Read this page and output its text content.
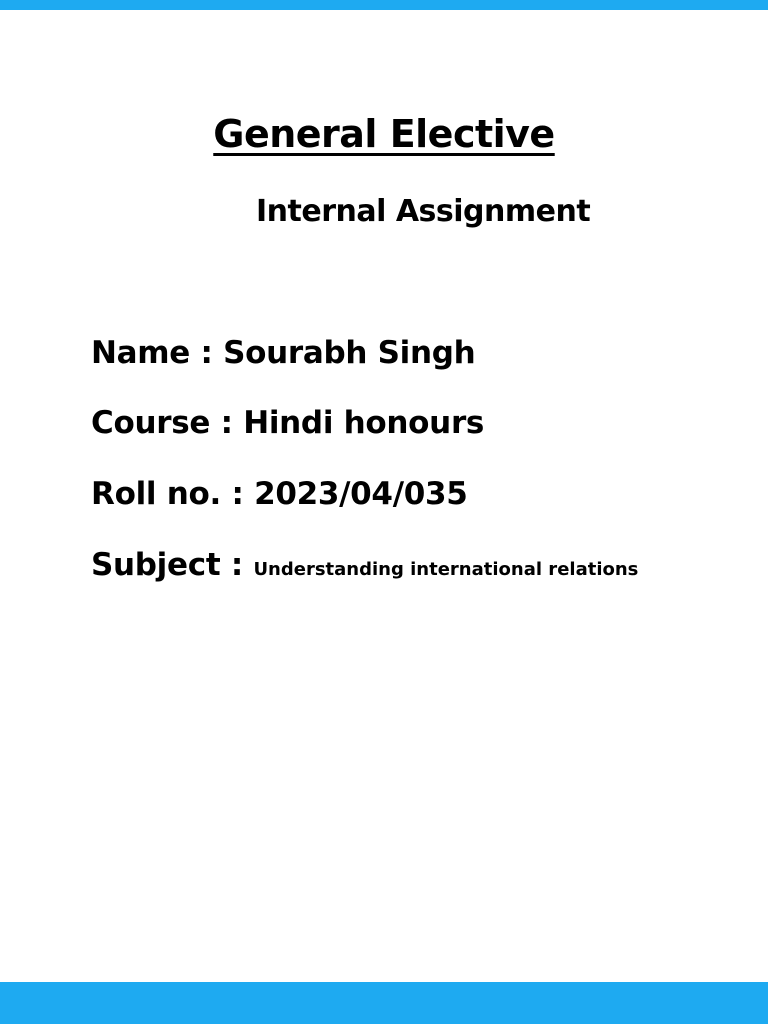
General Elective
Internal Assignment
Name : Sourabh Singh
Course : Hindi honours
Roll no. : 2023/04/035
Subject : Understanding international relations
